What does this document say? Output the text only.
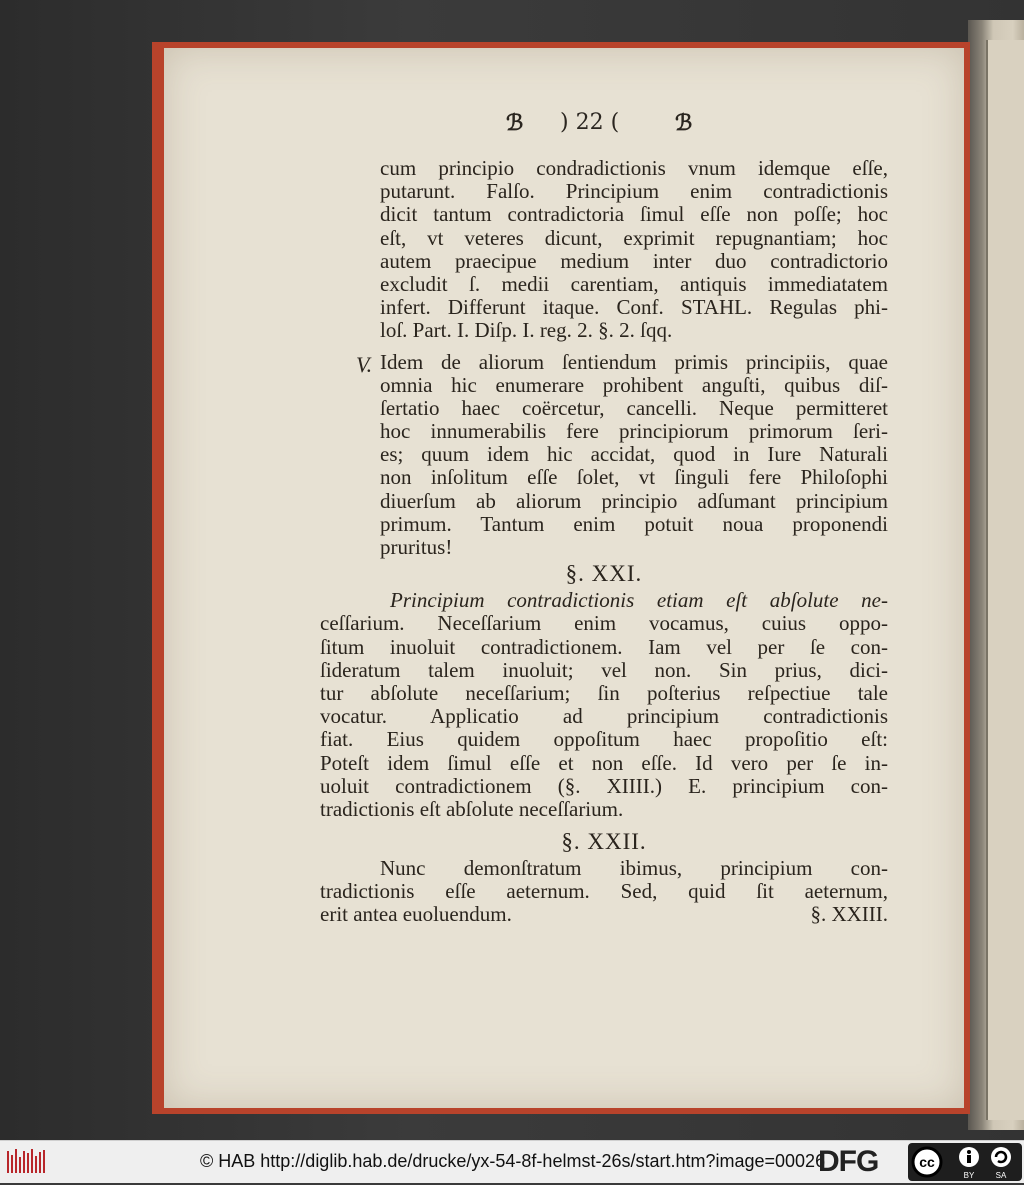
ℬ ) 22 (	ℬ
V.
cum principio condradictionis vnum idemque eſſe,
putarunt. Falſo. Principium enim contradictionis
dicit tantum contradictoria ſimul eſſe non poſſe; hoc
eſt, vt veteres dicunt, exprimit repugnantiam; hoc
autem praecipue medium inter duo contradictorio
excludit ſ. medii carentiam, antiquis immediatatem
infert. Differunt itaque. Conf. STAHL. Regulas phi-
loſ. Part. I. Diſp. I. reg. 2. §. 2. ſqq.
Idem de aliorum ſentiendum primis principiis, quae
omnia hic enumerare prohibent anguſti, quibus diſ-
ſertatio haec coërcetur, cancelli. Neque permitteret
hoc innumerabilis fere principiorum primorum ſeri-
es; quum idem hic accidat, quod in Iure Naturali
non inſolitum eſſe ſolet, vt ſinguli fere Philoſophi
diuerſum ab aliorum principio adſumant principium
primum. Tantum enim potuit noua proponendi
pruritus!
§. XXI.
Principium contradictionis etiam eſt abſolute ne-
ceſſarium. Neceſſarium enim vocamus, cuius oppo-
ſitum inuoluit contradictionem. Iam vel per ſe con-
ſideratum talem inuoluit; vel non. Sin prius, dici-
tur abſolute neceſſarium; ſin poſterius reſpectiue tale
vocatur. Applicatio ad principium contradictionis
fiat. Eius quidem oppoſitum haec propoſitio eſt:
Poteſt idem ſimul eſſe et non eſſe. Id vero per ſe in-
uoluit contradictionem (§. XIIII.) E. principium con-
tradictionis eſt abſolute neceſſarium.
§. XXII.
Nunc demonſtratum ibimus, principium con-
tradictionis eſſe aeternum. Sed, quid ſit aeternum,
erit antea euoluendum.	§. XXIII.
© HAB http://diglib.hab.de/drucke/yx-54-8f-helmst-26s/start.htm?image=00026
DFG	cc
BY	SA
